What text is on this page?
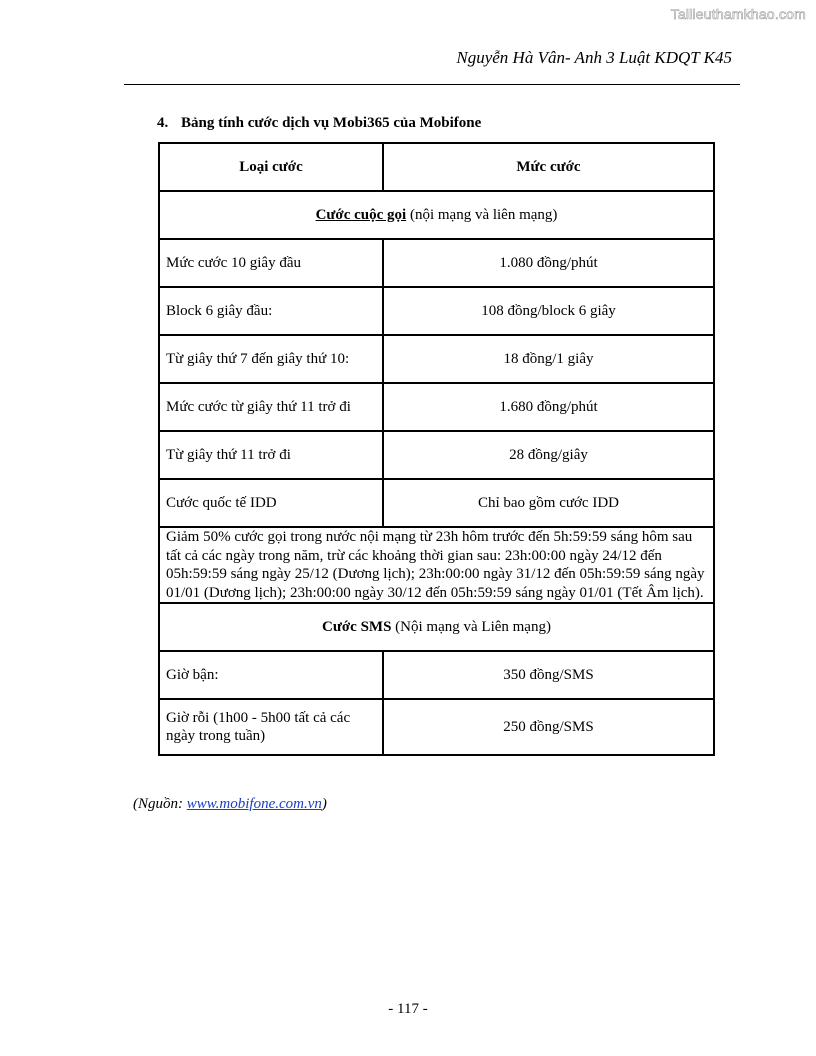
Tailieuthamkhao.com
Nguyễn Hà Vân- Anh 3 Luật KDQT K45
4. Bảng tính cước dịch vụ Mobi365 của Mobifone
Loại cước	Mức cước
Cước cuộc gọi (nội mạng và liên mạng)	
Mức cước 10 giây đầu	1.080 đồng/phút
Block 6 giây đầu:	108 đồng/block 6 giây
Từ giây thứ 7 đến giây thứ 10:	18 đồng/1 giây
Mức cước từ giây thứ 11 trở đi	1.680 đồng/phút
Từ giây thứ 11 trở đi	28 đồng/giây
Cước quốc tế IDD	Chỉ bao gồm cước IDD
Giảm 50% cước gọi trong nước nội mạng từ 23h hôm trước đến 5h:59:59 sáng hôm sau tất cả các ngày trong năm, trừ các khoảng thời gian sau: 23h:00:00 ngày 24/12 đến 05h:59:59 sáng ngày 25/12 (Dương lịch); 23h:00:00 ngày 31/12 đến 05h:59:59 sáng ngày 01/01 (Dương lịch); 23h:00:00 ngày 30/12 đến 05h:59:59 sáng ngày 01/01 (Tết Âm lịch).	
Cước SMS (Nội mạng và Liên mạng)	
Giờ bận:	350 đồng/SMS
Giờ rỗi (1h00 - 5h00 tất cả các ngày trong tuần)	250 đồng/SMS
(Nguồn: www.mobifone.com.vn)
- 117 -
